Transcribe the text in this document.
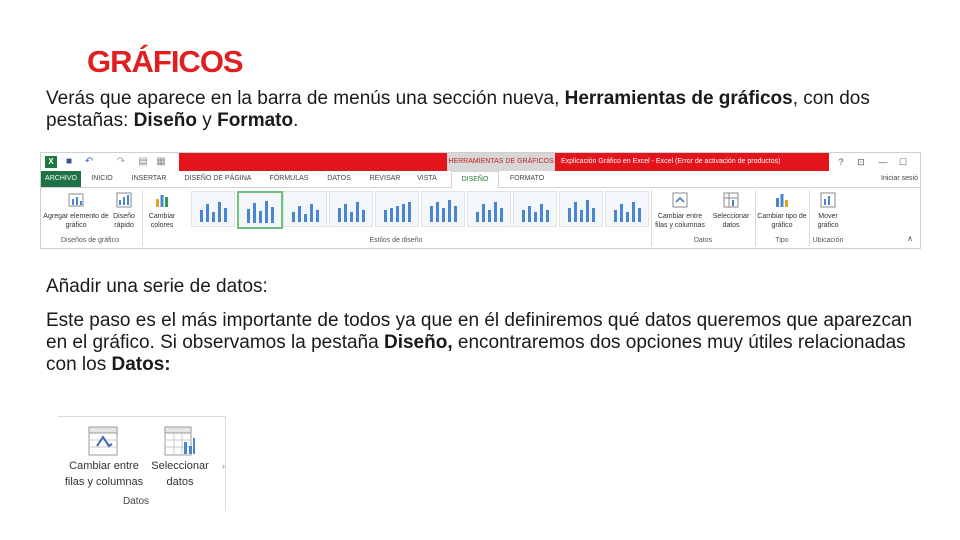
GRÁFICOS

Verás que aparece en la barra de menús una sección nueva, Herramientas de gráficos, con dos pestañas: Diseño y Formato.

X	■ ↶ ↷ ▤ ▦	HERRAMIENTAS DE GRÁFICOS Explicación Gráfico en Excel - Excel (Error de activación de productos)	?	⊡	—	☐
ARCHIVO	INICIO	INSERTAR	DISEÑO DE PÁGINA	FÓRMULAS	DATOS	REVISAR	VISTA	DISEÑO	FORMATO	Iniciar sesió
Agregar elemento de gráfico
Diseño rápido
Diseños de gráfico
Cambiar colores
Estilos de diseño
Cambiar entre filas y columnas
Seleccionar datos
Datos
Cambiar tipo de gráfico
Tipo
Mover gráfico
Ubicación	∧

Añadir una serie de datos:

Este paso es el más importante de todos ya que en él definiremos qué datos queremos que aparezcan en el gráfico. Si observamos la pestaña Diseño, encontraremos dos opciones muy útiles relacionadas con los Datos:

Cambiar entre filas y columnas
Seleccionar datos
Datos
›
